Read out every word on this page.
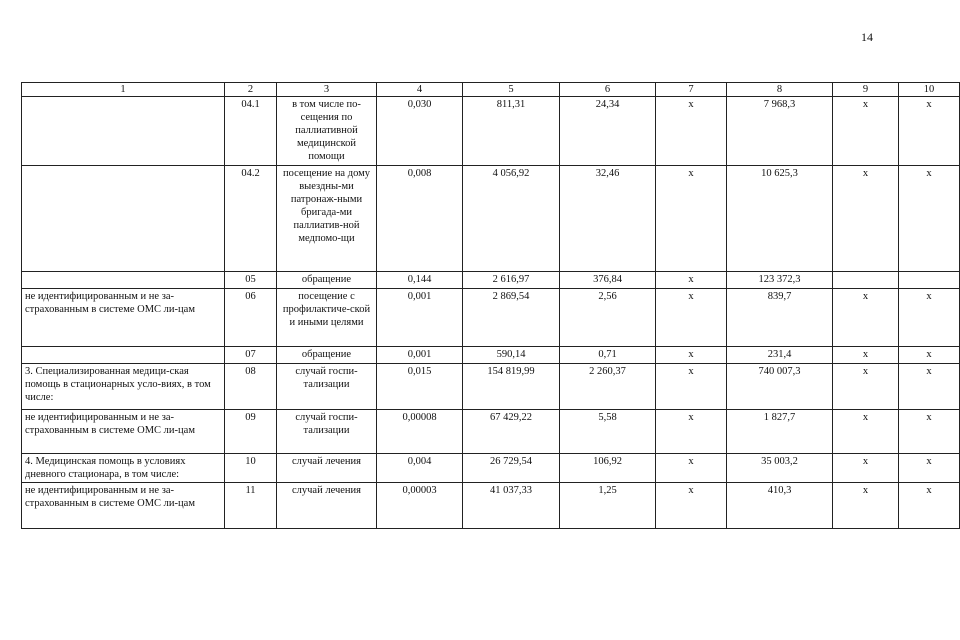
14
1	2	3	4	5	6	7	8	9	10
	04.1	в том числе по-сещения по паллиативной медицинской помощи	0,030	811,31	24,34	х	7 968,3	х	х
	04.2	посещение на дому выездны-ми патронаж-ными бригада-ми паллиатив-ной медпомо-щи	0,008	4 056,92	32,46	х	10 625,3	х	х
	05	обращение	0,144	2 616,97	376,84	х	123 372,3		
не идентифицированным и не за-страхованным в системе ОМС ли-цам	06	посещение с профилактиче-ской и иными целями	0,001	2 869,54	2,56	х	839,7	х	х
	07	обращение	0,001	590,14	0,71	х	231,4	х	х
3. Специализированная медици-ская помощь в стационарных усло-виях, в том числе:	08	случай госпи-тализации	0,015	154 819,99	2 260,37	х	740 007,3	х	х
не идентифицированным и не за-страхованным в системе ОМС ли-цам	09	случай госпи-тализации	0,00008	67 429,22	5,58	х	1 827,7	х	х
4. Медицинская помощь в условиях дневного стационара, в том числе:	10	случай лечения	0,004	26 729,54	106,92	х	35 003,2	х	х
не идентифицированным и не за-страхованным в системе ОМС ли-цам	11	случай лечения	0,00003	41 037,33	1,25	х	410,3	х	х
